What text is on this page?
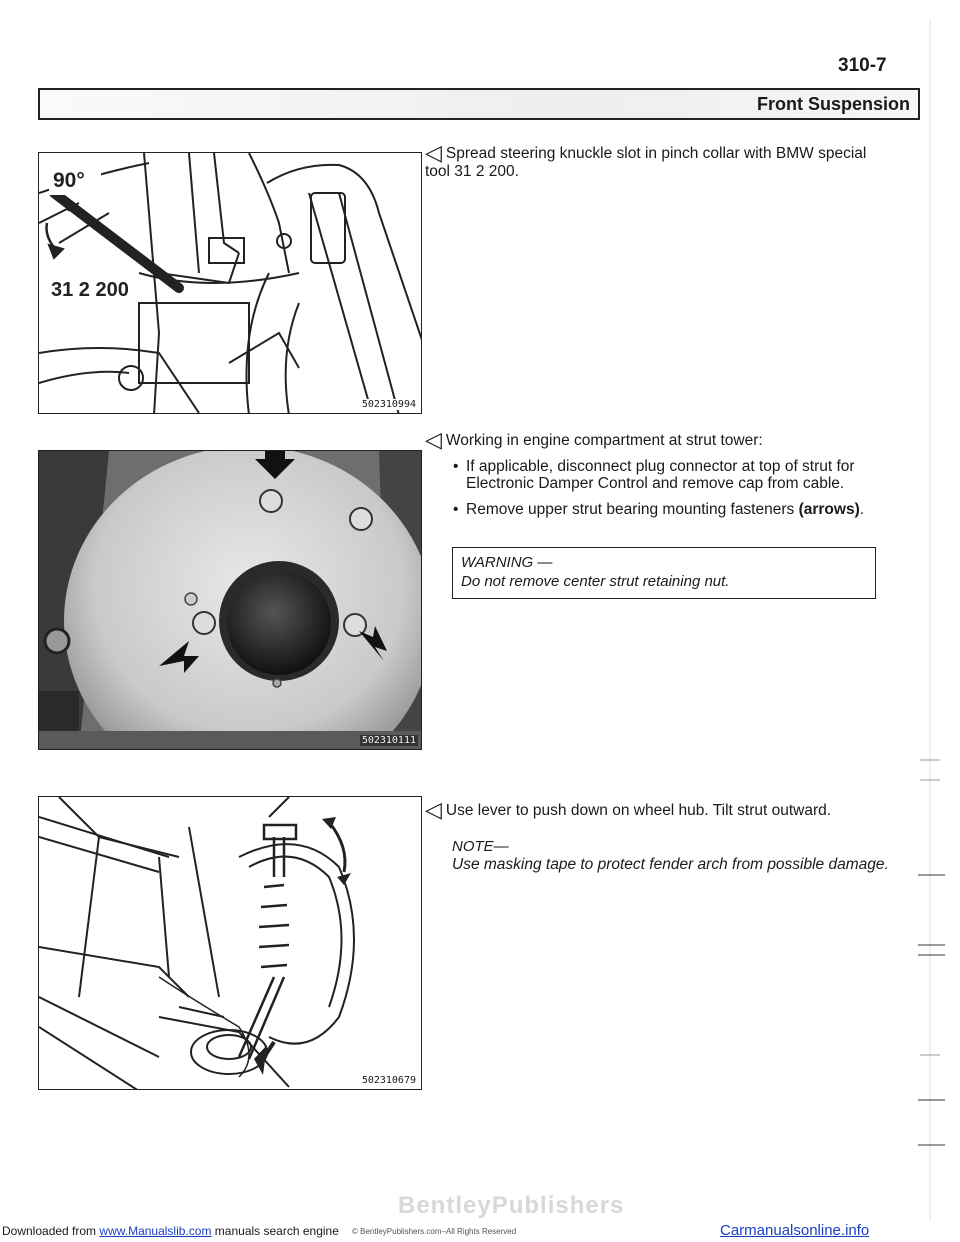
310-7
Front Suspension
90°
31 2 200
502310994
◁ Spread steering knuckle slot in pinch collar with BMW special tool 31 2 200.
502310111
◁ Working in engine compartment at strut tower:
• If applicable, disconnect plug connector at top of strut for Electronic Damper Control and remove cap from cable.
• Remove upper strut bearing mounting fasteners (arrows).
WARNING —
Do not remove center strut retaining nut.
502310679
◁ Use lever to push down on wheel hub. Tilt strut outward.
NOTE—
Use masking tape to protect fender arch from possible damage.
BentleyPublishers
Downloaded from www.Manualslib.com manuals search engine © BentleyPublishers.com–All Rights Reserved	Carmanualsonline.info
